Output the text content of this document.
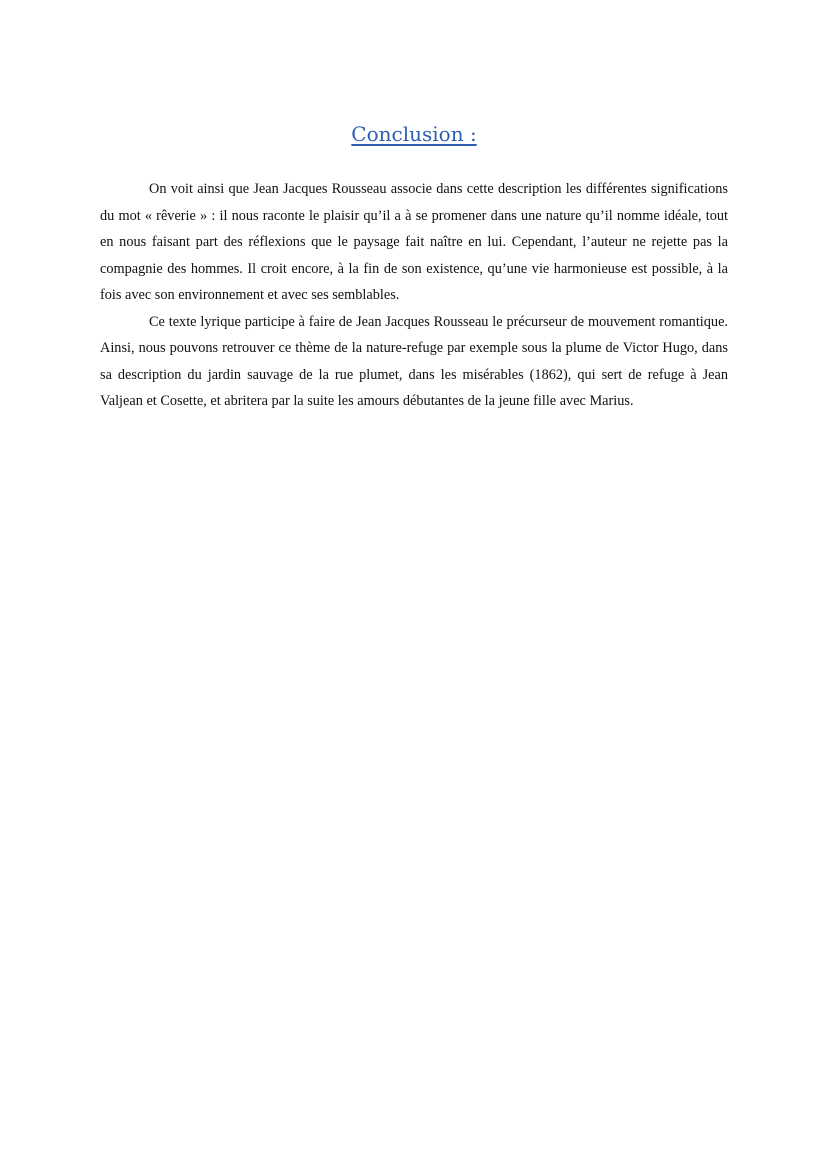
Conclusion :

On voit ainsi que Jean Jacques Rousseau associe dans cette description les différentes significations du mot « rêverie » : il nous raconte le plaisir qu’il a à se promener dans une nature qu’il nomme idéale, tout en nous faisant part des réflexions que le paysage fait naître en lui. Cependant, l’auteur ne rejette pas la compagnie des hommes. Il croit encore, à la fin de son existence, qu’une vie harmonieuse est possible, à la fois avec son environnement et avec ses semblables.

Ce texte lyrique participe à faire de Jean Jacques Rousseau le précurseur de mouvement romantique. Ainsi, nous pouvons retrouver ce thème de la nature-refuge par exemple sous la plume de Victor Hugo, dans sa description du jardin sauvage de la rue plumet, dans les misérables (1862), qui sert de refuge à Jean Valjean et Cosette, et abritera par la suite les amours débutantes de la jeune fille avec Marius.
